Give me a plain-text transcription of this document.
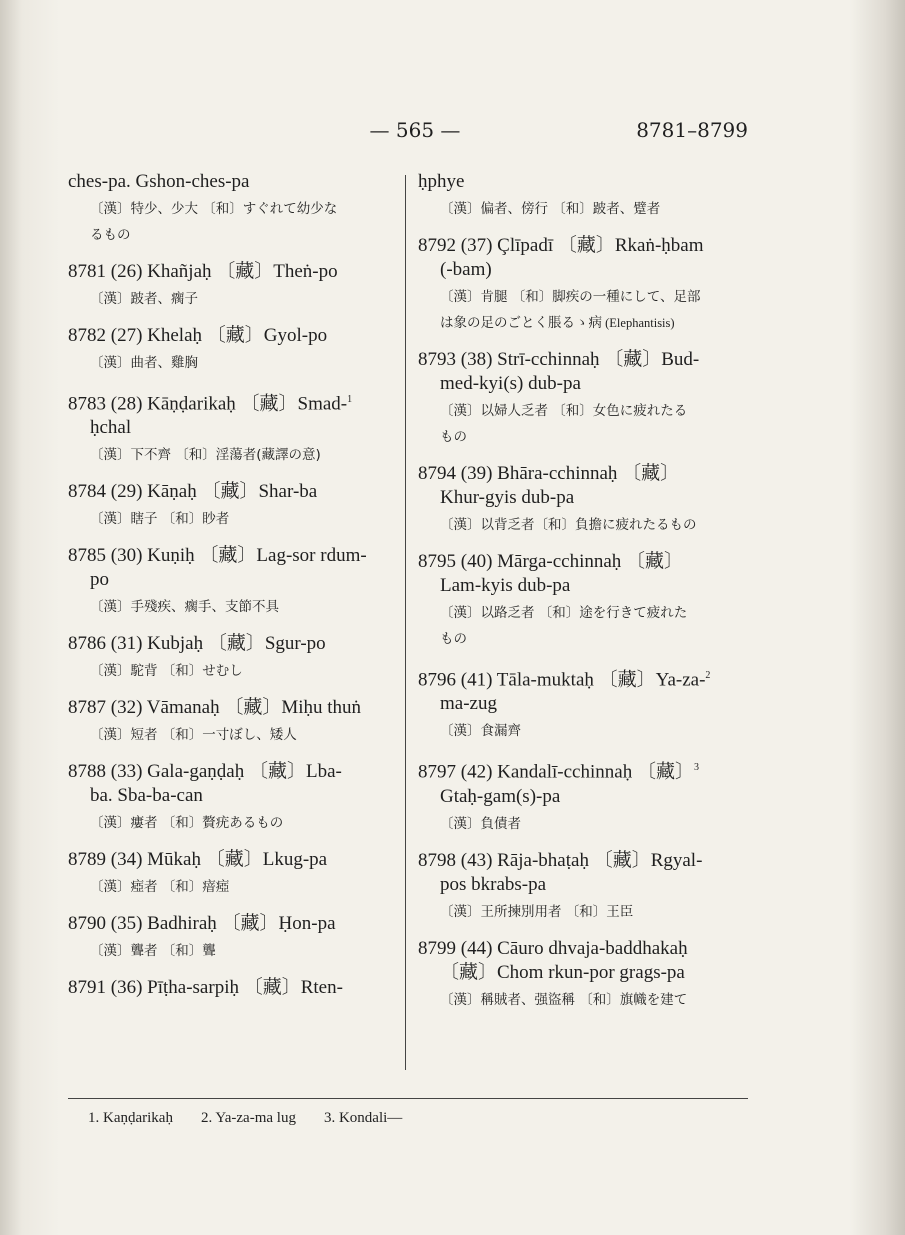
— 565 —	8781–8799
ches-pa. Gshon-ches-pa
〔漢〕特少、少大 〔和〕すぐれて幼少な
るもの
8781 (26) Khañjaḥ 〔藏〕Theṅ-po
〔漢〕跛者、瘸子
8782 (27) Khelaḥ 〔藏〕Gyol-po
〔漢〕曲者、雞胸
8783 (28) Kāṇḍarikaḥ 〔藏〕Smad-$^1$
ḥchal
〔漢〕下不齊 〔和〕淫蕩者(藏譯の意)
8784 (29) Kāṇaḥ 〔藏〕Shar-ba
〔漢〕瞎子 〔和〕眇者
8785 (30) Kuṇiḥ 〔藏〕Lag-sor rdum-
po
〔漢〕手殘疾、瘸手、支節不具
8786 (31) Kubjaḥ 〔藏〕Sgur-po
〔漢〕駝背 〔和〕せむし
8787 (32) Vāmanaḥ 〔藏〕Miḥu thuṅ
〔漢〕短者 〔和〕一寸ぼし、矮人
8788 (33) Gala-gaṇḍaḥ 〔藏〕Lba-
ba. Sba-ba-can
〔漢〕瘻者 〔和〕贅疣あるもの
8789 (34) Mūkaḥ 〔藏〕Lkug-pa
〔漢〕瘂者 〔和〕瘖瘂
8790 (35) Badhiraḥ 〔藏〕Ḥon-pa
〔漢〕聾者 〔和〕聾
8791 (36) Pīṭha-sarpiḥ 〔藏〕Rten-
ḥphye
〔漢〕偏者、傍行 〔和〕跛者、躄者
8792 (37) Çlīpadī 〔藏〕Rkaṅ-ḥbam
(-bam)
〔漢〕肯腿 〔和〕脚疾の一種にして、足部
は象の足のごとく脹るゝ病 (Elephantisis)
8793 (38) Strī-cchinnaḥ 〔藏〕Bud-
med-kyi(s) dub-pa
〔漢〕以婦人乏者 〔和〕女色に疲れたる
もの
8794 (39) Bhāra-cchinnaḥ 〔藏〕
Khur-gyis dub-pa
〔漢〕以背乏者〔和〕負擔に疲れたるもの
8795 (40) Mārga-cchinnaḥ 〔藏〕
Lam-kyis dub-pa
〔漢〕以路乏者 〔和〕途を行きて疲れた
もの
8796 (41) Tāla-muktaḥ 〔藏〕Ya-za-$^2$
ma-zug
〔漢〕食漏齊
8797 (42) Kandalī-cchinnaḥ 〔藏〕$^3$
Gtaḥ-gam(s)-pa
〔漢〕負債者
8798 (43) Rāja-bhaṭaḥ 〔藏〕Rgyal-
pos bkrabs-pa
〔漢〕王所揀別用者 〔和〕王臣
8799 (44) Cāuro dhvaja-baddhakaḥ
〔藏〕Chom rkun-por grags-pa
〔漢〕稱賊者、强盜稱 〔和〕旗幟を建て
1. Kaṇḍarikaḥ 2. Ya-za-ma lug 3. Kondali—
